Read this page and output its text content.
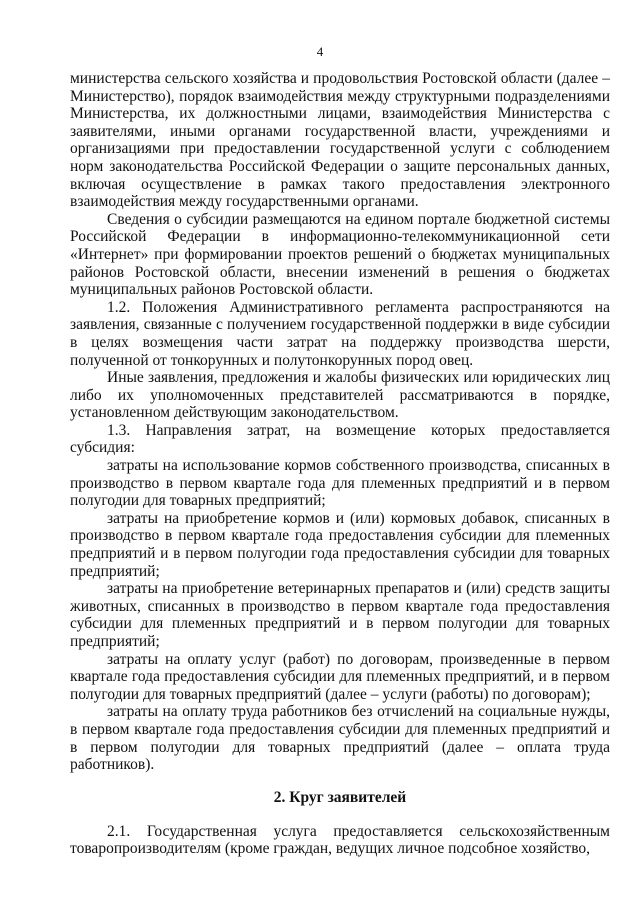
4

министерства сельского хозяйства и продовольствия Ростовской области (далее – Министерство), порядок взаимодействия между структурными подразделениями Министерства, их должностными лицами, взаимодействия Министерства с заявителями, иными органами государственной власти, учреждениями и организациями при предоставлении государственной услуги с соблюдением норм законодательства Российской Федерации о защите персональных данных, включая осуществление в рамках такого предоставления электронного взаимодействия между государственными органами.

Сведения о субсидии размещаются на едином портале бюджетной системы Российской Федерации в информационно-телекоммуникационной сети «Интернет» при формировании проектов решений о бюджетах муниципальных районов Ростовской области, внесении изменений в решения о бюджетах муниципальных районов Ростовской области.

1.2. Положения Административного регламента распространяются на заявления, связанные с получением государственной поддержки в виде субсидии в целях возмещения части затрат на поддержку производства шерсти, полученной от тонкорунных и полутонкорунных пород овец.

Иные заявления, предложения и жалобы физических или юридических лиц либо их уполномоченных представителей рассматриваются в порядке, установленном действующим законодательством.

1.3. Направления затрат, на возмещение которых предоставляется субсидия:

затраты на использование кормов собственного производства, списанных в производство в первом квартале года для племенных предприятий и в первом полугодии для товарных предприятий;

затраты на приобретение кормов и (или) кормовых добавок, списанных в производство в первом квартале года предоставления субсидии для племенных предприятий и в первом полугодии года предоставления субсидии для товарных предприятий;

затраты на приобретение ветеринарных препаратов и (или) средств защиты животных, списанных в производство в первом квартале года предоставления субсидии для племенных предприятий и в первом полугодии для товарных предприятий;

затраты на оплату услуг (работ) по договорам, произведенные в первом квартале года предоставления субсидии для племенных предприятий, и в первом полугодии для товарных предприятий (далее – услуги (работы) по договорам);

затраты на оплату труда работников без отчислений на социальные нужды, в первом квартале года предоставления субсидии для племенных предприятий и в первом полугодии для товарных предприятий (далее – оплата труда работников).

2. Круг заявителей

2.1. Государственная услуга предоставляется сельскохозяйственным товаропроизводителям (кроме граждан, ведущих личное подсобное хозяйство,
